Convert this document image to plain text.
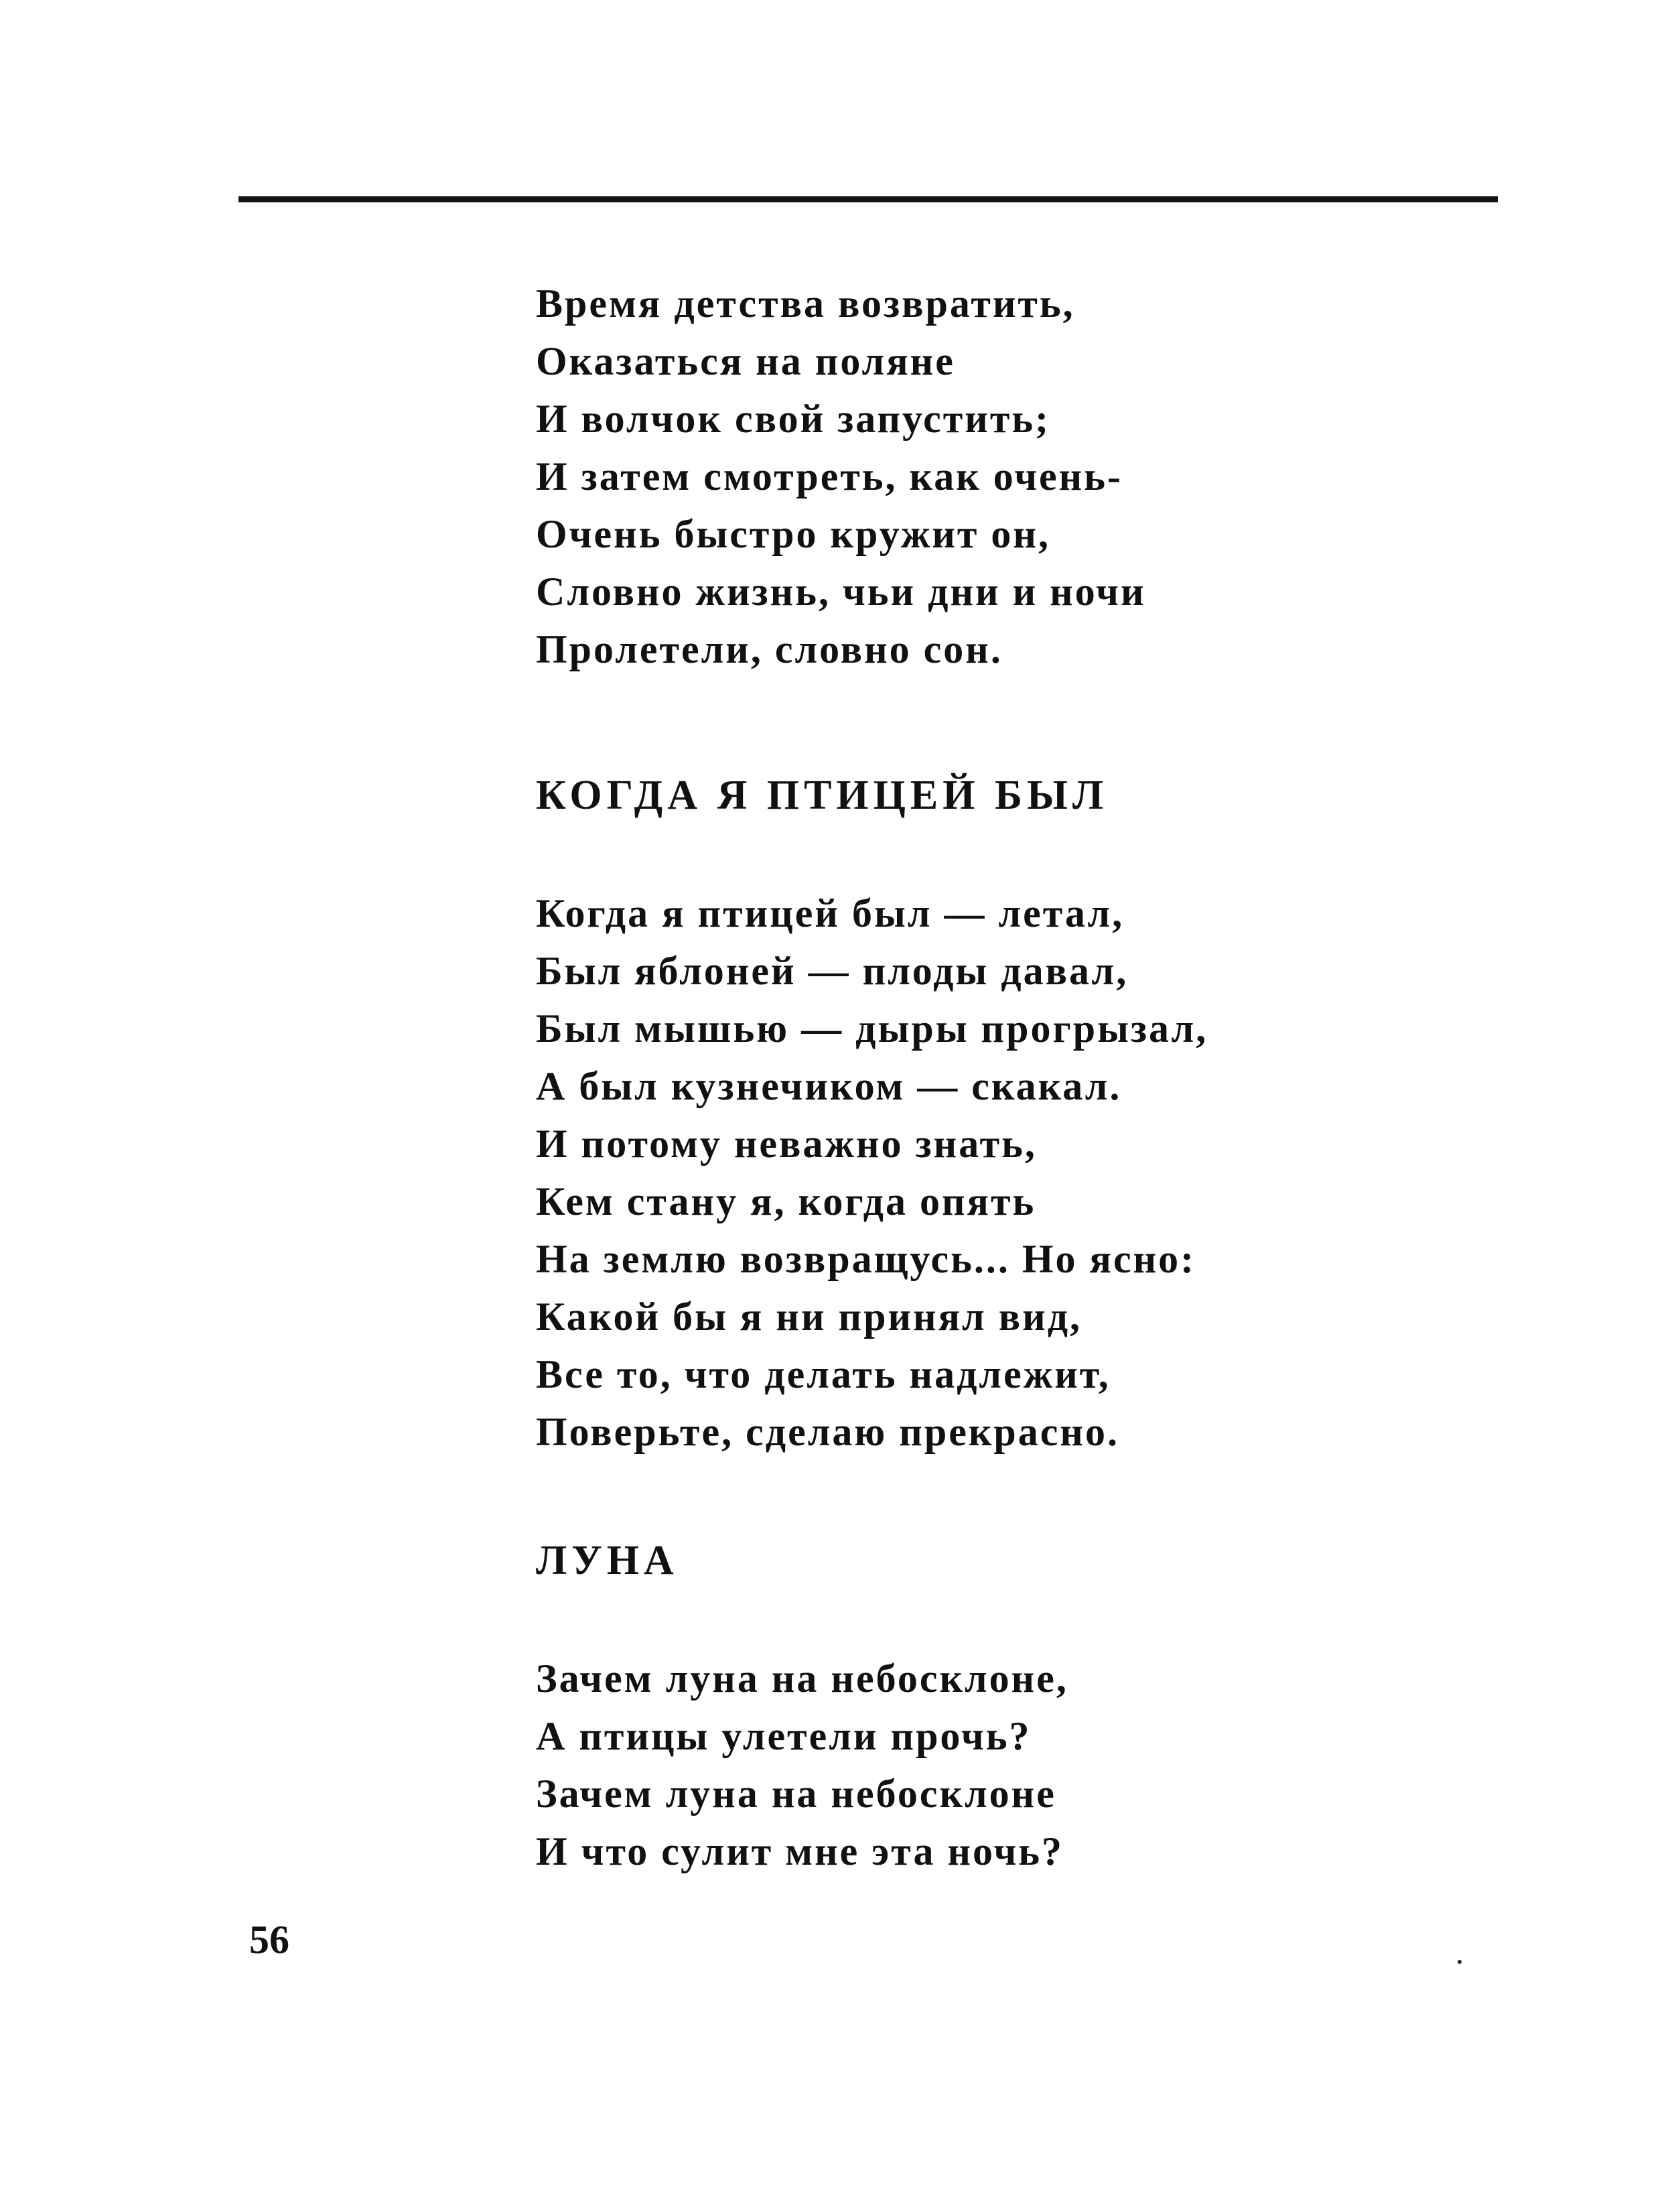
Время детства возвратить,
Оказаться на поляне
И волчок свой запустить;
И затем смотреть, как очень-
Очень быстро кружит он,
Словно жизнь, чьи дни и ночи
Пролетели, словно сон.
КОГДА Я ПТИЦЕЙ БЫЛ
Когда я птицей был — летал,
Был яблоней — плоды давал,
Был мышью — дыры прогрызал,
А был кузнечиком — скакал.
И потому неважно знать,
Кем стану я, когда опять
На землю возвращусь... Но ясно:
Какой бы я ни принял вид,
Все то, что делать надлежит,
Поверьте, сделаю прекрасно.
ЛУНА
Зачем луна на небосклоне,
А птицы улетели прочь?
Зачем луна на небосклоне
И что сулит мне эта ночь?
56
